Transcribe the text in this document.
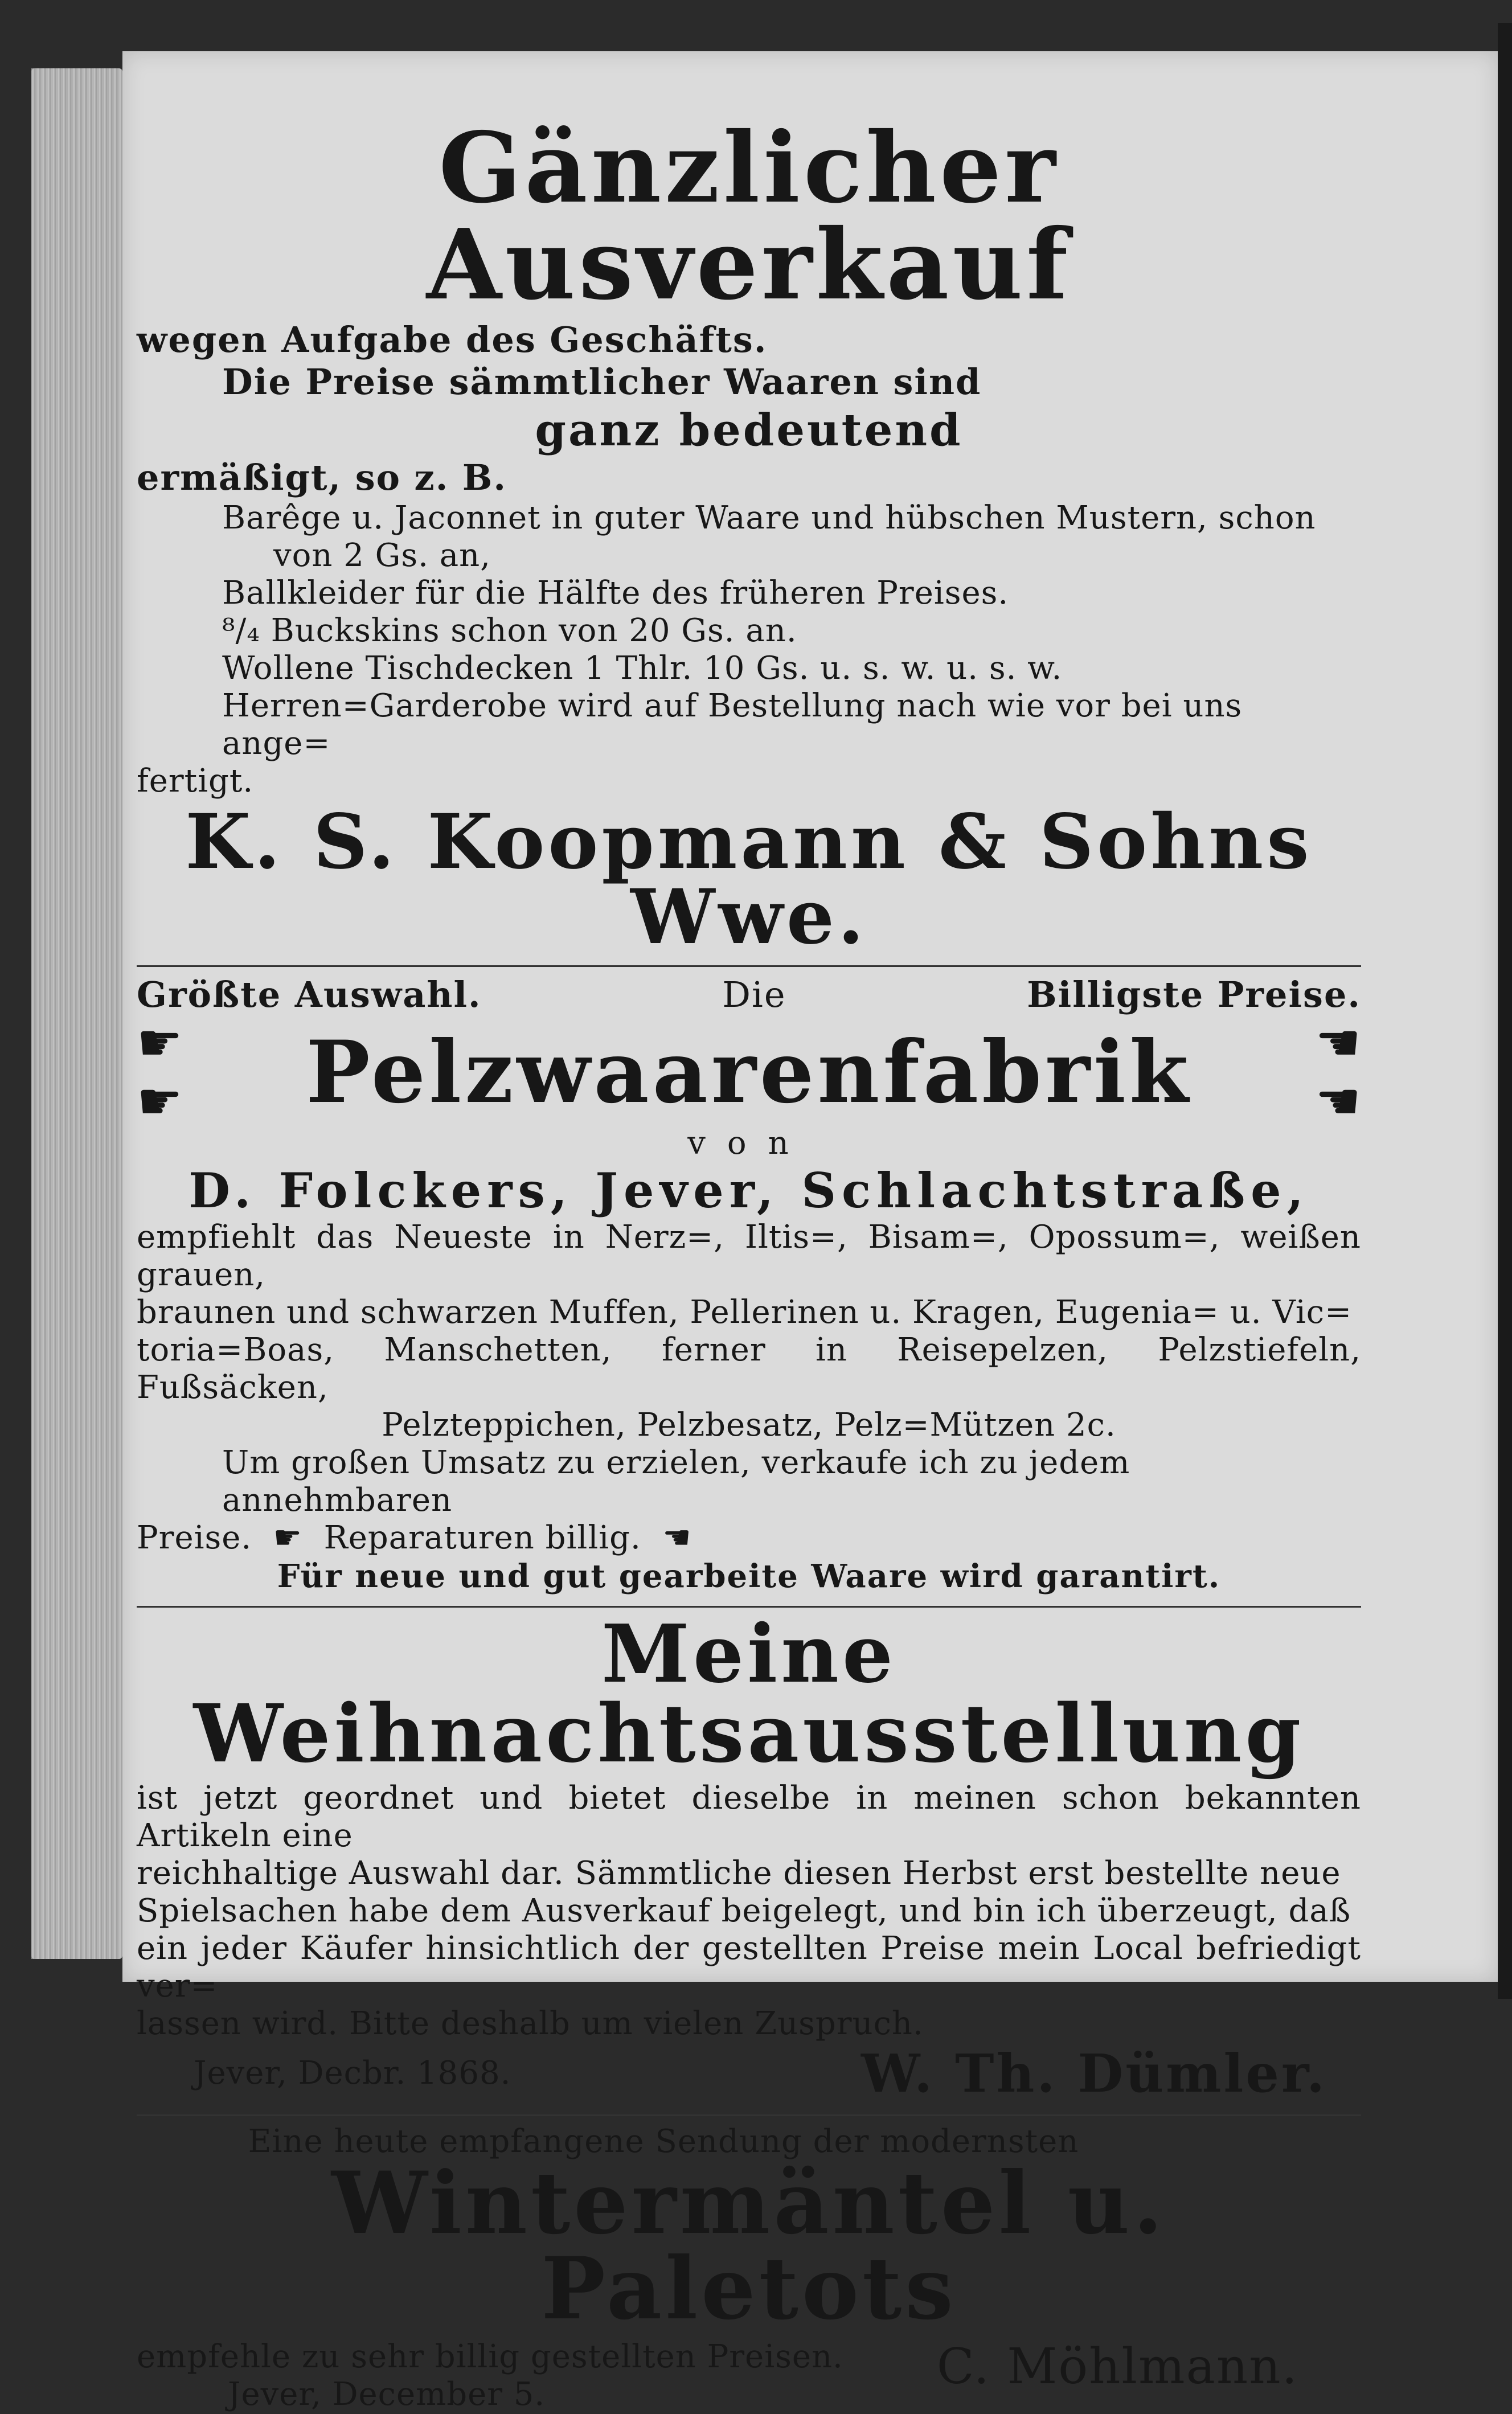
Gänzlicher Ausverkauf
wegen Aufgabe des Geschäfts.
Die Preise sämmtlicher Waaren sind
ganz bedeutend
ermäßigt, so z. B.
Barêge u. Jaconnet in guter Waare und hübschen Mustern, schon
von 2 Gs. an,
Ballkleider für die Hälfte des früheren Preises.
⁸/₄ Buckskins schon von 20 Gs. an.
Wollene Tischdecken 1 Thlr. 10 Gs. u. s. w. u. s. w.
Herren=Garderobe wird auf Bestellung nach wie vor bei uns ange=
fertigt.
K. S. Koopmann & Sohns Wwe.
Größte Auswahl.	Die	Billigste Preise.
☛
☛ Pelzwaarenfabrik ☚
☚
von
D. Folckers, Jever, Schlachtstraße,
empfiehlt das Neueste in Nerz=, Iltis=, Bisam=, Opossum=, weißen grauen,
braunen und schwarzen Muffen, Pellerinen u. Kragen, Eugenia= u. Vic=
toria=Boas, Manschetten, ferner in Reisepelzen, Pelzstiefeln, Fußsäcken,
Pelzteppichen, Pelzbesatz, Pelz=Mützen 2c.
Um großen Umsatz zu erzielen, verkaufe ich zu jedem annehmbaren
Preise.  ☛  Reparaturen billig.  ☚
Für neue und gut gearbeite Waare wird garantirt.
Meine Weihnachtsausstellung
ist jetzt geordnet und bietet dieselbe in meinen schon bekannten Artikeln eine
reichhaltige Auswahl dar. Sämmtliche diesen Herbst erst bestellte neue
Spielsachen habe dem Ausverkauf beigelegt, und bin ich überzeugt, daß
ein jeder Käufer hinsichtlich der gestellten Preise mein Local befriedigt ver=
lassen wird. Bitte deshalb um vielen Zuspruch.
Jever, Decbr. 1868.	W. Th. Dümler.
Eine heute empfangene Sendung der modernsten
Wintermäntel u. Paletots
empfehle zu sehr billig gestellten Preisen.
Jever, December 5.	C. Möhlmann.
